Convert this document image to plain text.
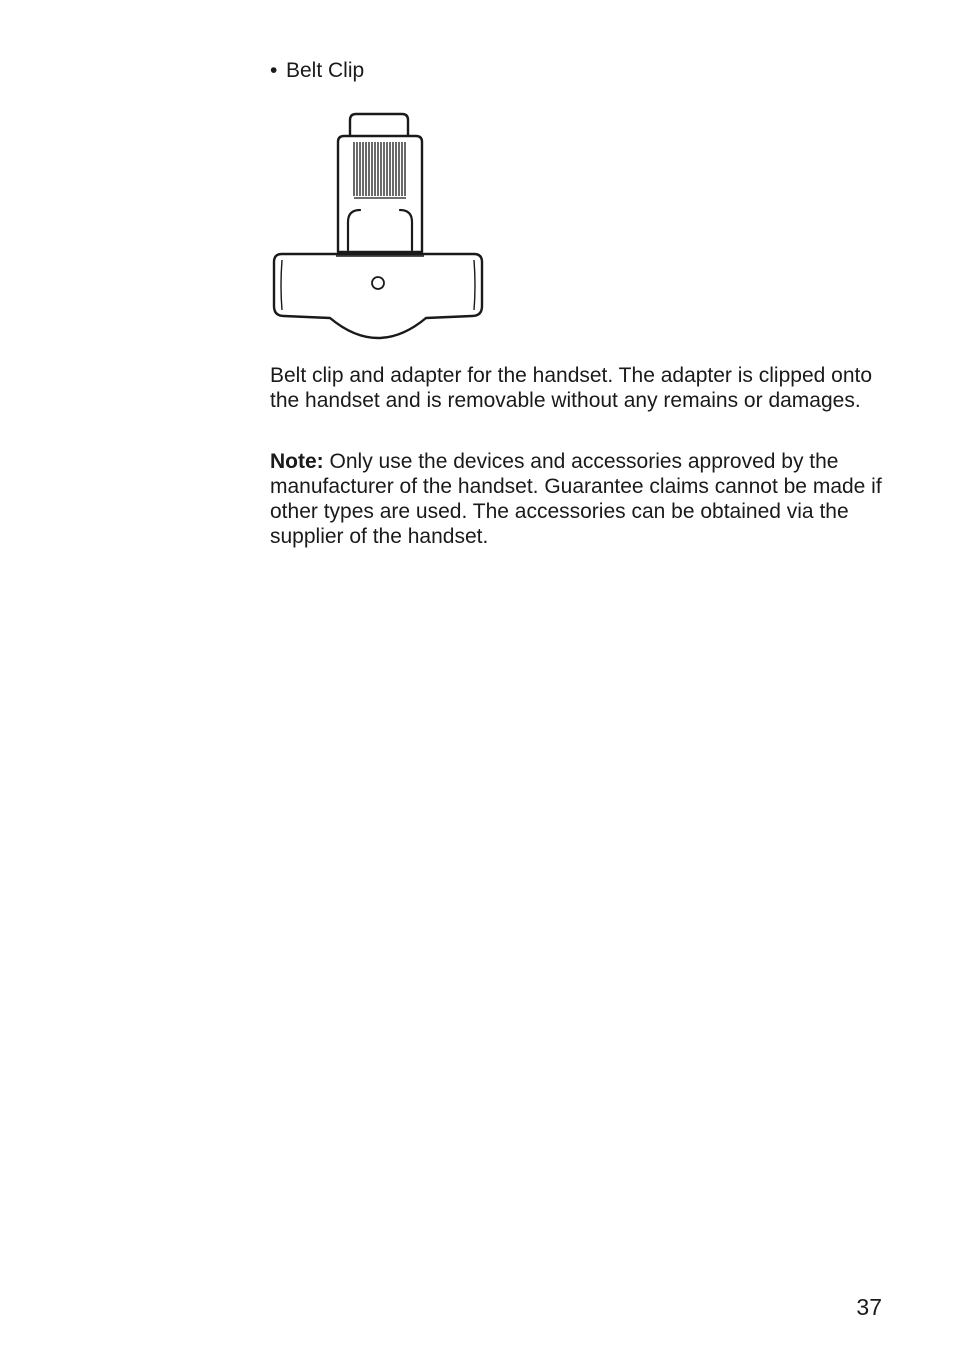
• Belt Clip

Belt clip and adapter for the handset. The adapter is clipped onto the handset and is removable without any remains or damages.

Note: Only use the devices and accessories approved by the manufacturer of the handset. Guarantee claims cannot be made if other types are used. The accessories can be obtained via the supplier of the handset.

37
